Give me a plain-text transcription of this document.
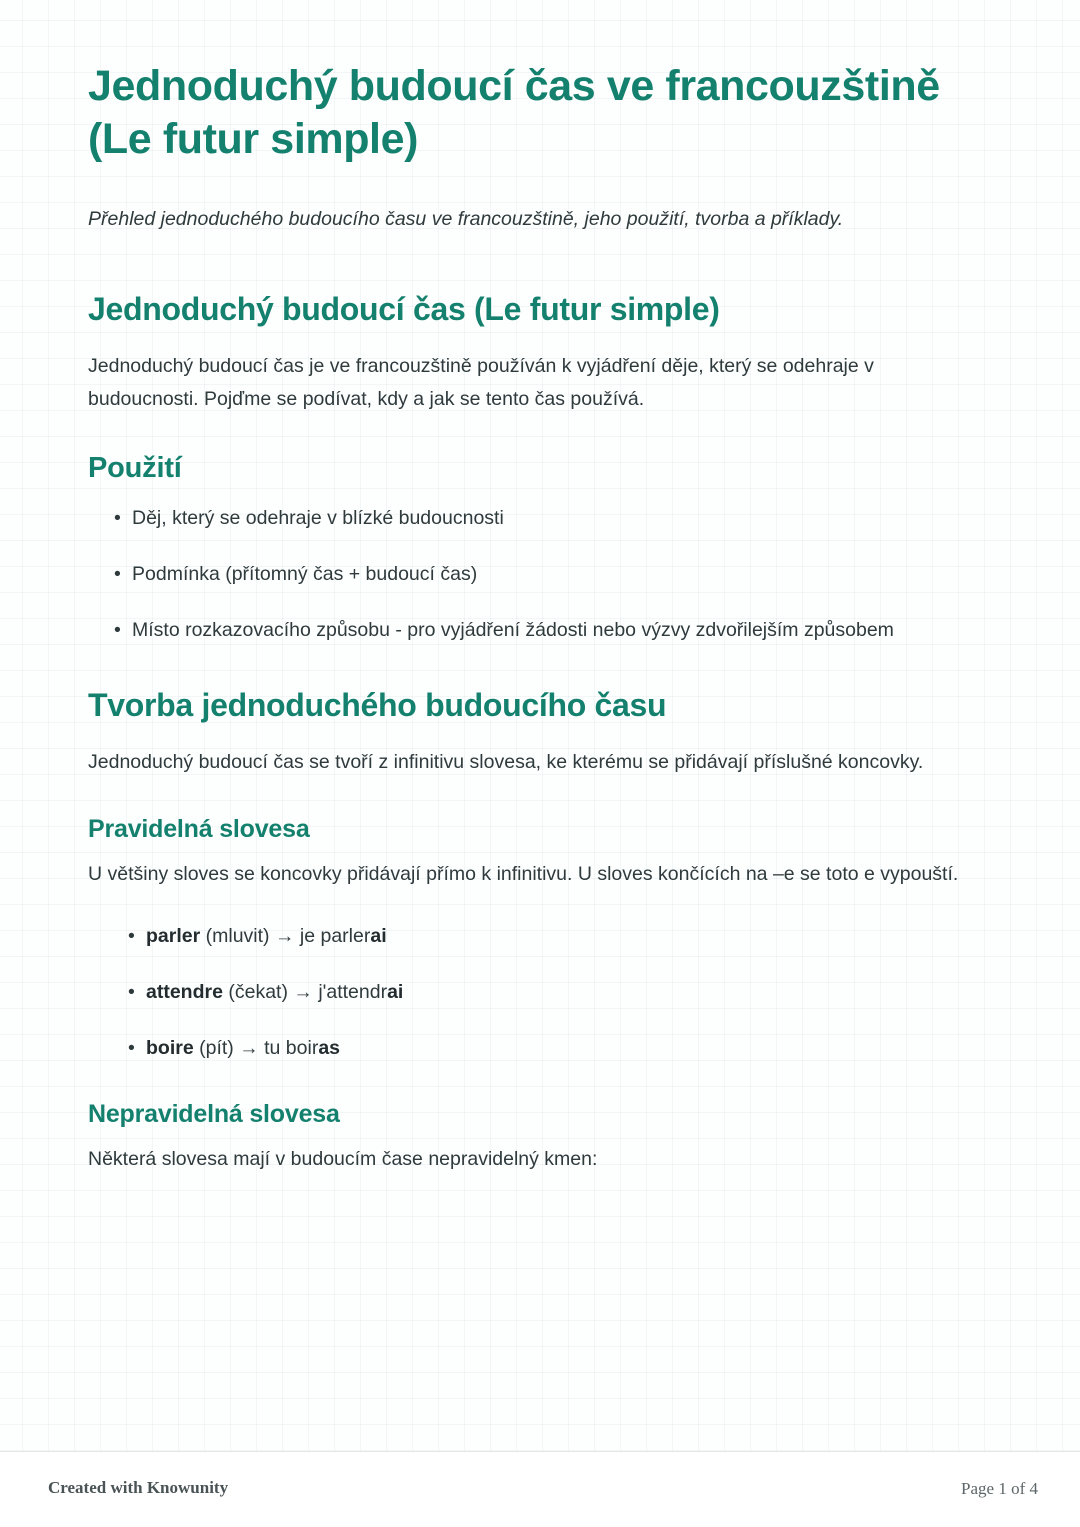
Jednoduchý budoucí čas ve francouzštině (Le futur simple)

Přehled jednoduchého budoucího času ve francouzštině, jeho použití, tvorba a příklady.

Jednoduchý budoucí čas (Le futur simple)

Jednoduchý budoucí čas je ve francouzštině používán k vyjádření děje, který se odehraje v budoucnosti. Pojďme se podívat, kdy a jak se tento čas používá.

Použití
• Děj, který se odehraje v blízké budoucnosti
• Podmínka (přítomný čas + budoucí čas)
• Místo rozkazovacího způsobu - pro vyjádření žádosti nebo výzvy zdvořilejším způsobem
Tvorba jednoduchého budoucího času

Jednoduchý budoucí čas se tvoří z infinitivu slovesa, ke kterému se přidávají příslušné koncovky.

Pravidelná slovesa

U většiny sloves se koncovky přidávají přímo k infinitivu. U sloves končících na –e se toto e vypouští.

• parler (mluvit) → je parlerai
• attendre (čekat) → j'attendrai
• boire (pít) → tu boiras
Nepravidelná slovesa

Některá slovesa mají v budoucím čase nepravidelný kmen:

Created with Knowunity	Page 1 of 4
